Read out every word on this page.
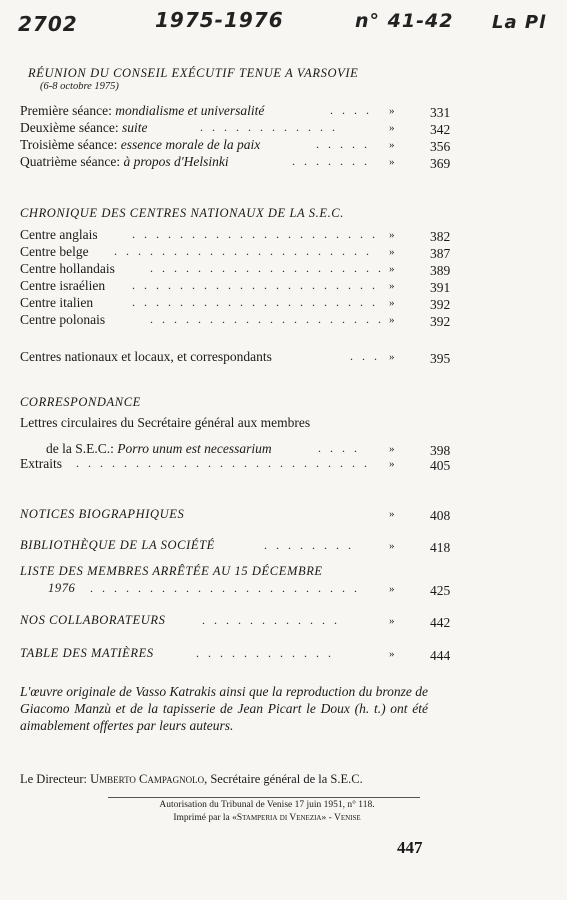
2702	1975-1976	n° 41-42 La Pl
RÉUNION DU CONSEIL EXÉCUTIF TENUE A VARSOVIE
(6-8 octobre 1975)
Première séance: mondialisme et universalité	. . . . »	331
Deuxième séance: suite	. . . . . . . . . . . .	»	342
Troisième séance: essence morale de la paix	. . . . . »	356
Quatrième séance: à propos d'Helsinki	. . . . . . . »	369
CHRONIQUE DES CENTRES NATIONAUX DE LA S.E.C.
Centre anglais	. . . . . . . . . . . . . . . . . . . . . »	382
Centre belge . . . . . . . . . . . . . . . . . . . . . . »	387
Centre hollandais	. . . . . . . . . . . . . . . . . . . . »	389
Centre israélien . . . . . . . . . . . . . . . . . . . . . »	391
Centre italien	. . . . . . . . . . . . . . . . . . . . . »	392
Centre polonais	. . . . . . . . . . . . . . . . . . . . »	392
Centres nationaux et locaux, et correspondants	. . . »	395
CORRESPONDANCE
Lettres circulaires du Secrétaire général aux membres
de la S.E.C.: Porro unum est necessarium	. . . .	»	398
Extraits . . . . . . . . . . . . . . . . . . . . . . . . . »	405
NOTICES BIOGRAPHIQUES	»	408
BIBLIOTHÈQUE DE LA SOCIÉTÉ	. . . . . . . .	»	418
LISTE DES MEMBRES ARRÊTÉE AU 15 DÉCEMBRE
1976 . . . . . . . . . . . . . . . . . . . . . . .	»	425
NOS COLLABORATEURS	. . . . . . . . . . . .	»	442
TABLE DES MATIÈRES	. . . . . . . . . . . .	»	444
L'œuvre originale de Vasso Katrakis ainsi que la reproduction du bronze de Giacomo Manzù et de la tapisserie de Jean Picart le Doux (h. t.) ont été aimablement offertes par leurs auteurs.
Le Directeur: Umberto Campagnolo, Secrétaire général de la S.E.C.
Autorisation du Tribunal de Venise 17 juin 1951, n° 118.
Imprimé par la «Stamperia di Venezia» - Venise
447
